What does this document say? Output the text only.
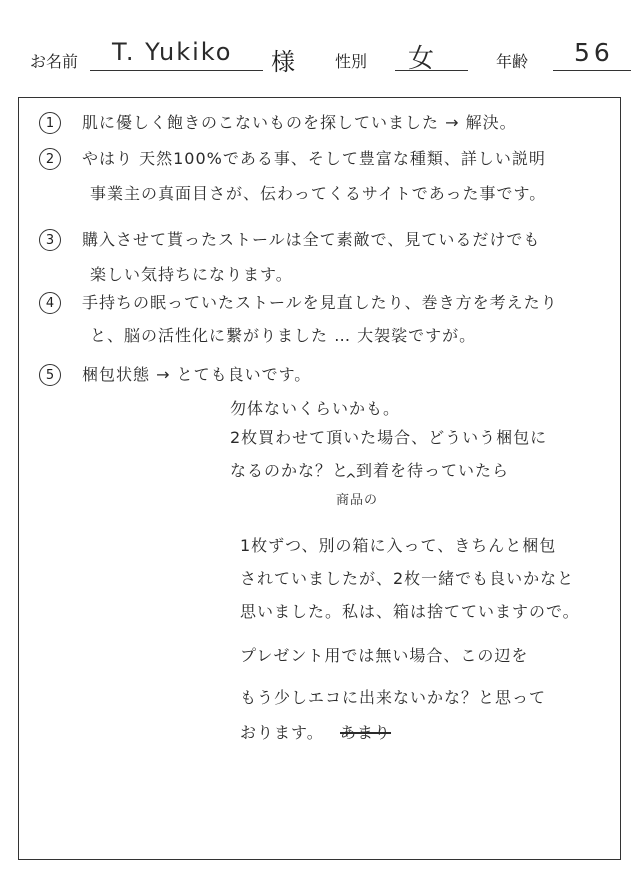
お名前 T. Yukiko 様	性別 女	年齢 56
1	肌に優しく飽きのこないものを探していました → 解決。
2	やはり 天然100%である事、そして豊富な種類、詳しい説明
事業主の真面目さが、伝わってくるサイトであった事です。
3	購入させて貰ったストールは全て素敵で、見ているだけでも
楽しい気持ちになります。
4	手持ちの眠っていたストールを見直したり、巻き方を考えたり
と、脳の活性化に繋がりました … 大袈裟ですが。
5	梱包状態 → とても良いです。
勿体ないくらいかも。
2枚買わせて頂いた場合、どういう梱包に
なるのかな？と 到着を待っていたら
^
商品の
1枚ずつ、別の箱に入って、きちんと梱包
されていましたが、2枚一緒でも良いかなと
思いました。私は、箱は捨てていますので。
プレゼント用では無い場合、この辺を
もう少しエコに出来ないかな？と思って
おります。 あまり
